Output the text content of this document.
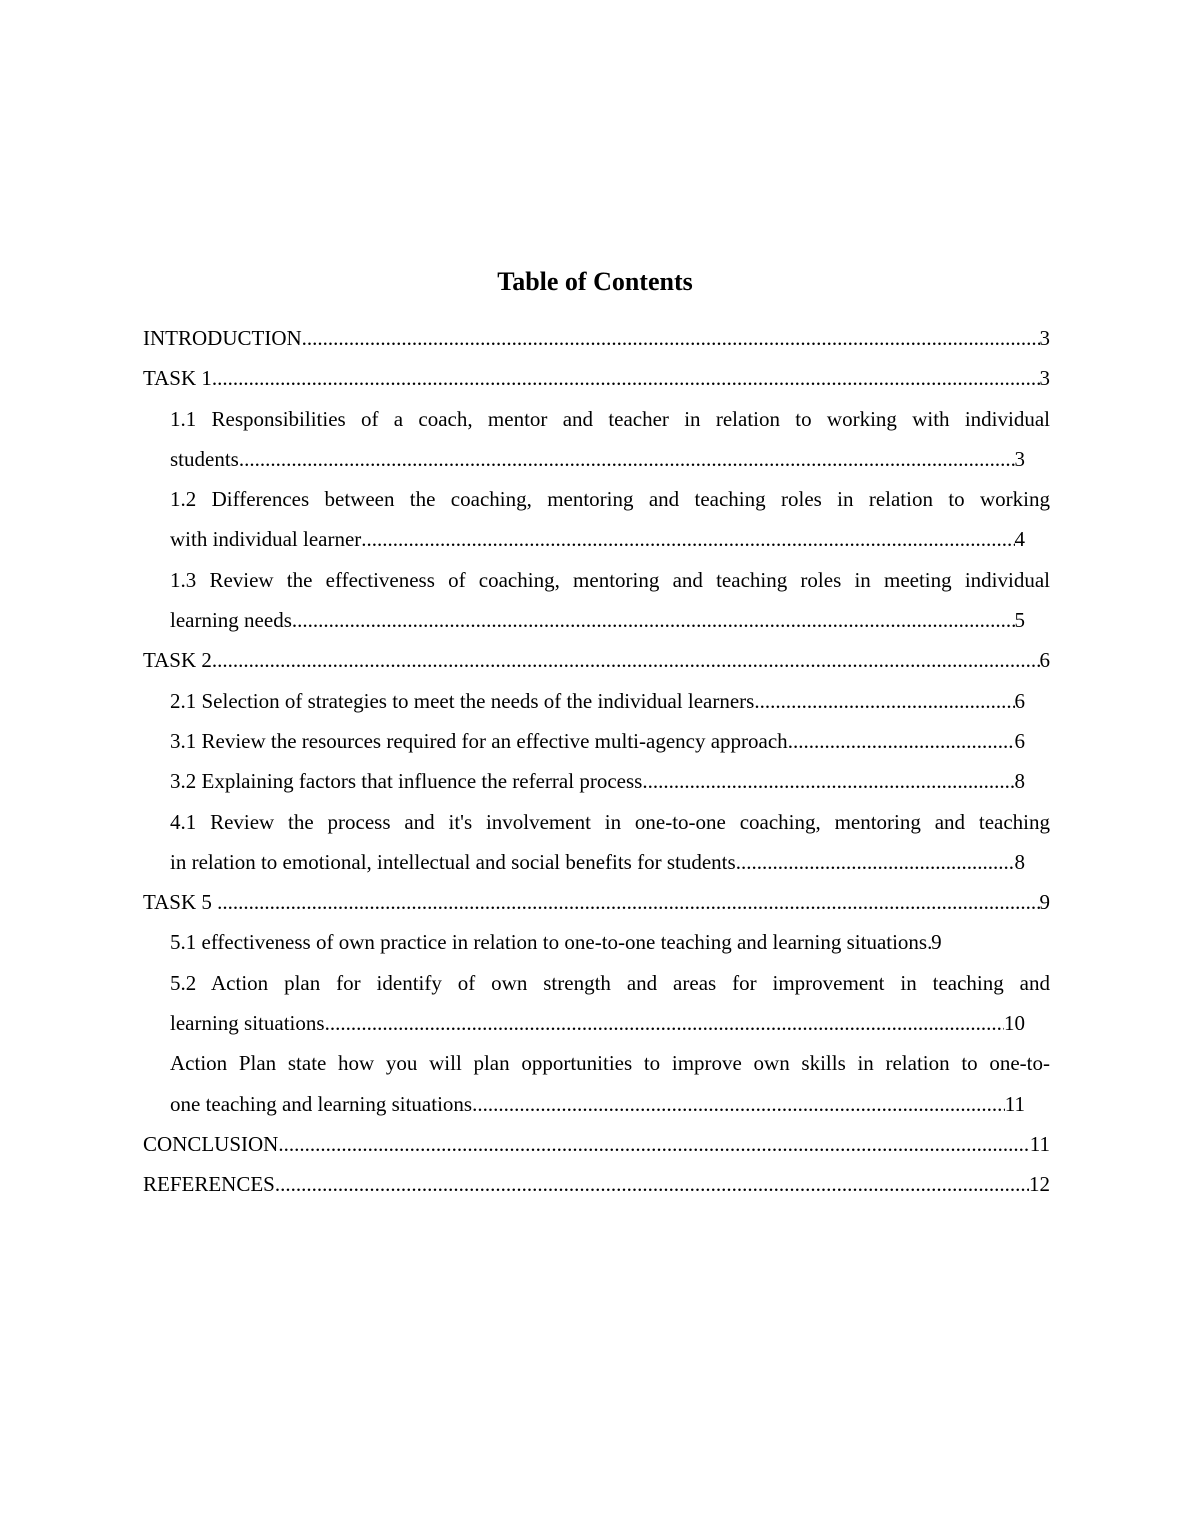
Table of Contents
INTRODUCTION .....	3
TASK 1 .....	3
1.1 Responsibilities of a coach, mentor and teacher in relation to working with individual
students .....	3
1.2 Differences between the coaching, mentoring and teaching roles in relation to working
with individual learner .....	4
1.3 Review the effectiveness of coaching, mentoring and teaching roles in meeting individual
learning needs .....	5
TASK 2 .....	6
2.1 Selection of strategies to meet the needs of the individual learners .....	6
3.1 Review the resources required for an effective multi-agency approach .....	6
3.2 Explaining factors that influence the referral process .....	8
4.1 Review the process and it's involvement in one-to-one coaching, mentoring and teaching
in relation to emotional, intellectual and social benefits for students .....	8
TASK 5 .....	9
5.1 effectiveness of own practice in relation to one-to-one teaching and learning situations ..... 9
5.2 Action plan for identify of own strength and areas for improvement in teaching and
learning situations .....	10
Action Plan state how you will plan opportunities to improve own skills in relation to one-to-
one teaching and learning situations .....	11
CONCLUSION .....	11
REFERENCES .....	12
